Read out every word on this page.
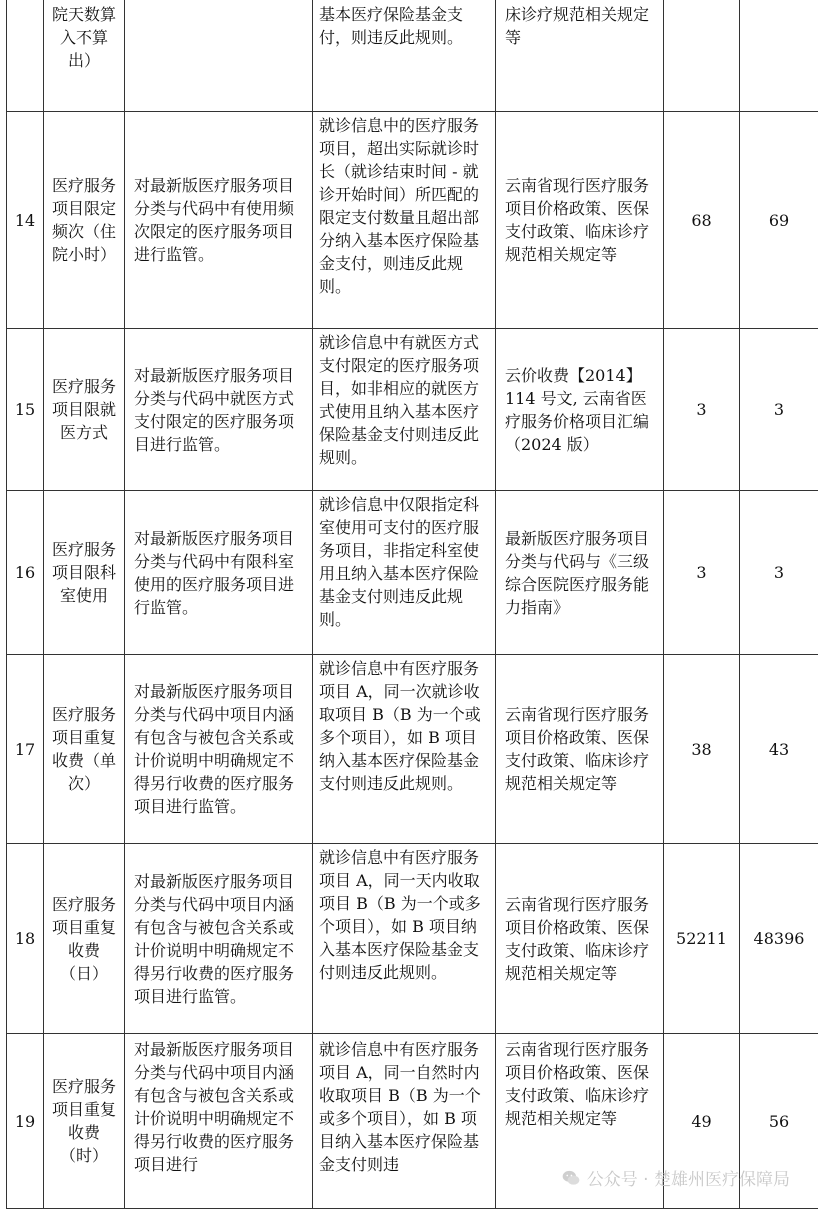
	院天数算入不算出）		基本医疗保险基金支付，则违反此规则。	床诊疗规范相关规定等		
14	医疗服务项目限定频次（住院小时）	对最新版医疗服务项目分类与代码中有使用频次限定的医疗服务项目进行监管。	就诊信息中的医疗服务项目，超出实际就诊时长（就诊结束时间 - 就诊开始时间）所匹配的限定支付数量且超出部分纳入基本医疗保险基金支付，则违反此规则。	云南省现行医疗服务项目价格政策、医保支付政策、临床诊疗规范相关规定等	68	69
15	医疗服务项目限就医方式	对最新版医疗服务项目分类与代码中就医方式支付限定的医疗服务项目进行监管。	就诊信息中有就医方式支付限定的医疗服务项目，如非相应的就医方式使用且纳入基本医疗保险基金支付则违反此规则。	云价收费【2014】114 号文, 云南省医疗服务价格项目汇编（2024 版）	3	3
16	医疗服务项目限科室使用	对最新版医疗服务项目分类与代码中有限科室使用的医疗服务项目进行监管。	就诊信息中仅限指定科室使用可支付的医疗服务项目，非指定科室使用且纳入基本医疗保险基金支付则违反此规则。	最新版医疗服务项目分类与代码与《三级综合医院医疗服务能力指南》	3	3
17	医疗服务项目重复收费（单次）	对最新版医疗服务项目分类与代码中项目内涵有包含与被包含关系或计价说明中明确规定不得另行收费的医疗服务项目进行监管。	就诊信息中有医疗服务项目 A，同一次就诊收取项目 B（B 为一个或多个项目），如 B 项目纳入基本医疗保险基金支付则违反此规则。	云南省现行医疗服务项目价格政策、医保支付政策、临床诊疗规范相关规定等	38	43
18	医疗服务项目重复收费（日）	对最新版医疗服务项目分类与代码中项目内涵有包含与被包含关系或计价说明中明确规定不得另行收费的医疗服务项目进行监管。	就诊信息中有医疗服务项目 A，同一天内收取项目 B（B 为一个或多个项目），如 B 项目纳入基本医疗保险基金支付则违反此规则。	云南省现行医疗服务项目价格政策、医保支付政策、临床诊疗规范相关规定等	52211	48396
19	医疗服务项目重复收费（时）	对最新版医疗服务项目分类与代码中项目内涵有包含与被包含关系或计价说明中明确规定不得另行收费的医疗服务项目进行	就诊信息中有医疗服务项目 A，同一自然时内收取项目 B（B 为一个或多个项目），如 B 项目纳入基本医疗保险基金支付则违	云南省现行医疗服务项目价格政策、医保支付政策、临床诊疗规范相关规定等	49	56
公众号 · 楚雄州医疗保障局
